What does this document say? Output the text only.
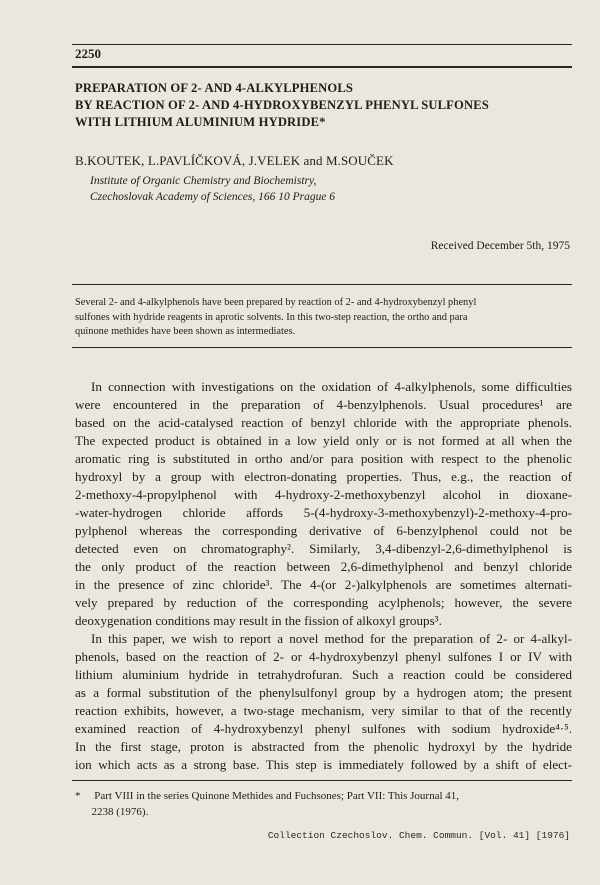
2250
PREPARATION OF 2- AND 4-ALKYLPHENOLS
BY REACTION OF 2- AND 4-HYDROXYBENZYL PHENYL SULFONES
WITH LITHIUM ALUMINIUM HYDRIDE*
B.KOUTEK, L.PAVLÍČKOVÁ, J.VELEK and M.SOUČEK
Institute of Organic Chemistry and Biochemistry,
Czechoslovak Academy of Sciences, 166 10 Prague 6
Received December 5th, 1975
Several 2- and 4-alkylphenols have been prepared by reaction of 2- and 4-hydroxybenzyl phenyl
sulfones with hydride reagents in aprotic solvents. In this two-step reaction, the ortho and para
quinone methides have been shown as intermediates.
In connection with investigations on the oxidation of 4-alkylphenols, some difficulties
were encountered in the preparation of 4-benzylphenols. Usual procedures¹ are
based on the acid-catalysed reaction of benzyl chloride with the appropriate phenols.
The expected product is obtained in a low yield only or is not formed at all when the
aromatic ring is substituted in ortho and/or para position with respect to the phenolic
hydroxyl by a group with electron-donating properties. Thus, e.g., the reaction of
2-methoxy-4-propylphenol with 4-hydroxy-2-methoxybenzyl alcohol in dioxane-
-water-hydrogen chloride affords 5-(4-hydroxy-3-methoxybenzyl)-2-methoxy-4-pro-
pylphenol whereas the corresponding derivative of 6-benzylphenol could not be
detected even on chromatography². Similarly, 3,4-dibenzyl-2,6-dimethylphenol is
the only product of the reaction between 2,6-dimethylphenol and benzyl chloride
in the presence of zinc chloride³. The 4-(or 2-)alkylphenols are sometimes alternati-
vely prepared by reduction of the corresponding acylphenols; however, the severe
deoxygenation conditions may result in the fission of alkoxyl groups³.
In this paper, we wish to report a novel method for the preparation of 2- or 4-alkyl-
phenols, based on the reaction of 2- or 4-hydroxybenzyl phenyl sulfones I or IV with
lithium aluminium hydride in tetrahydrofuran. Such a reaction could be considered
as a formal substitution of the phenylsulfonyl group by a hydrogen atom; the present
reaction exhibits, however, a two-stage mechanism, very similar to that of the recently
examined reaction of 4-hydroxybenzyl phenyl sulfones with sodium hydroxide⁴·⁵.
In the first stage, proton is abstracted from the phenolic hydroxyl by the hydride
ion which acts as a strong base. This step is immediately followed by a shift of elect-
*     Part VIII in the series Quinone Methides and Fuchsones; Part VII: This Journal 41,
2238 (1976).
Collection Czechoslov. Chem. Commun. [Vol. 41] [1976]
